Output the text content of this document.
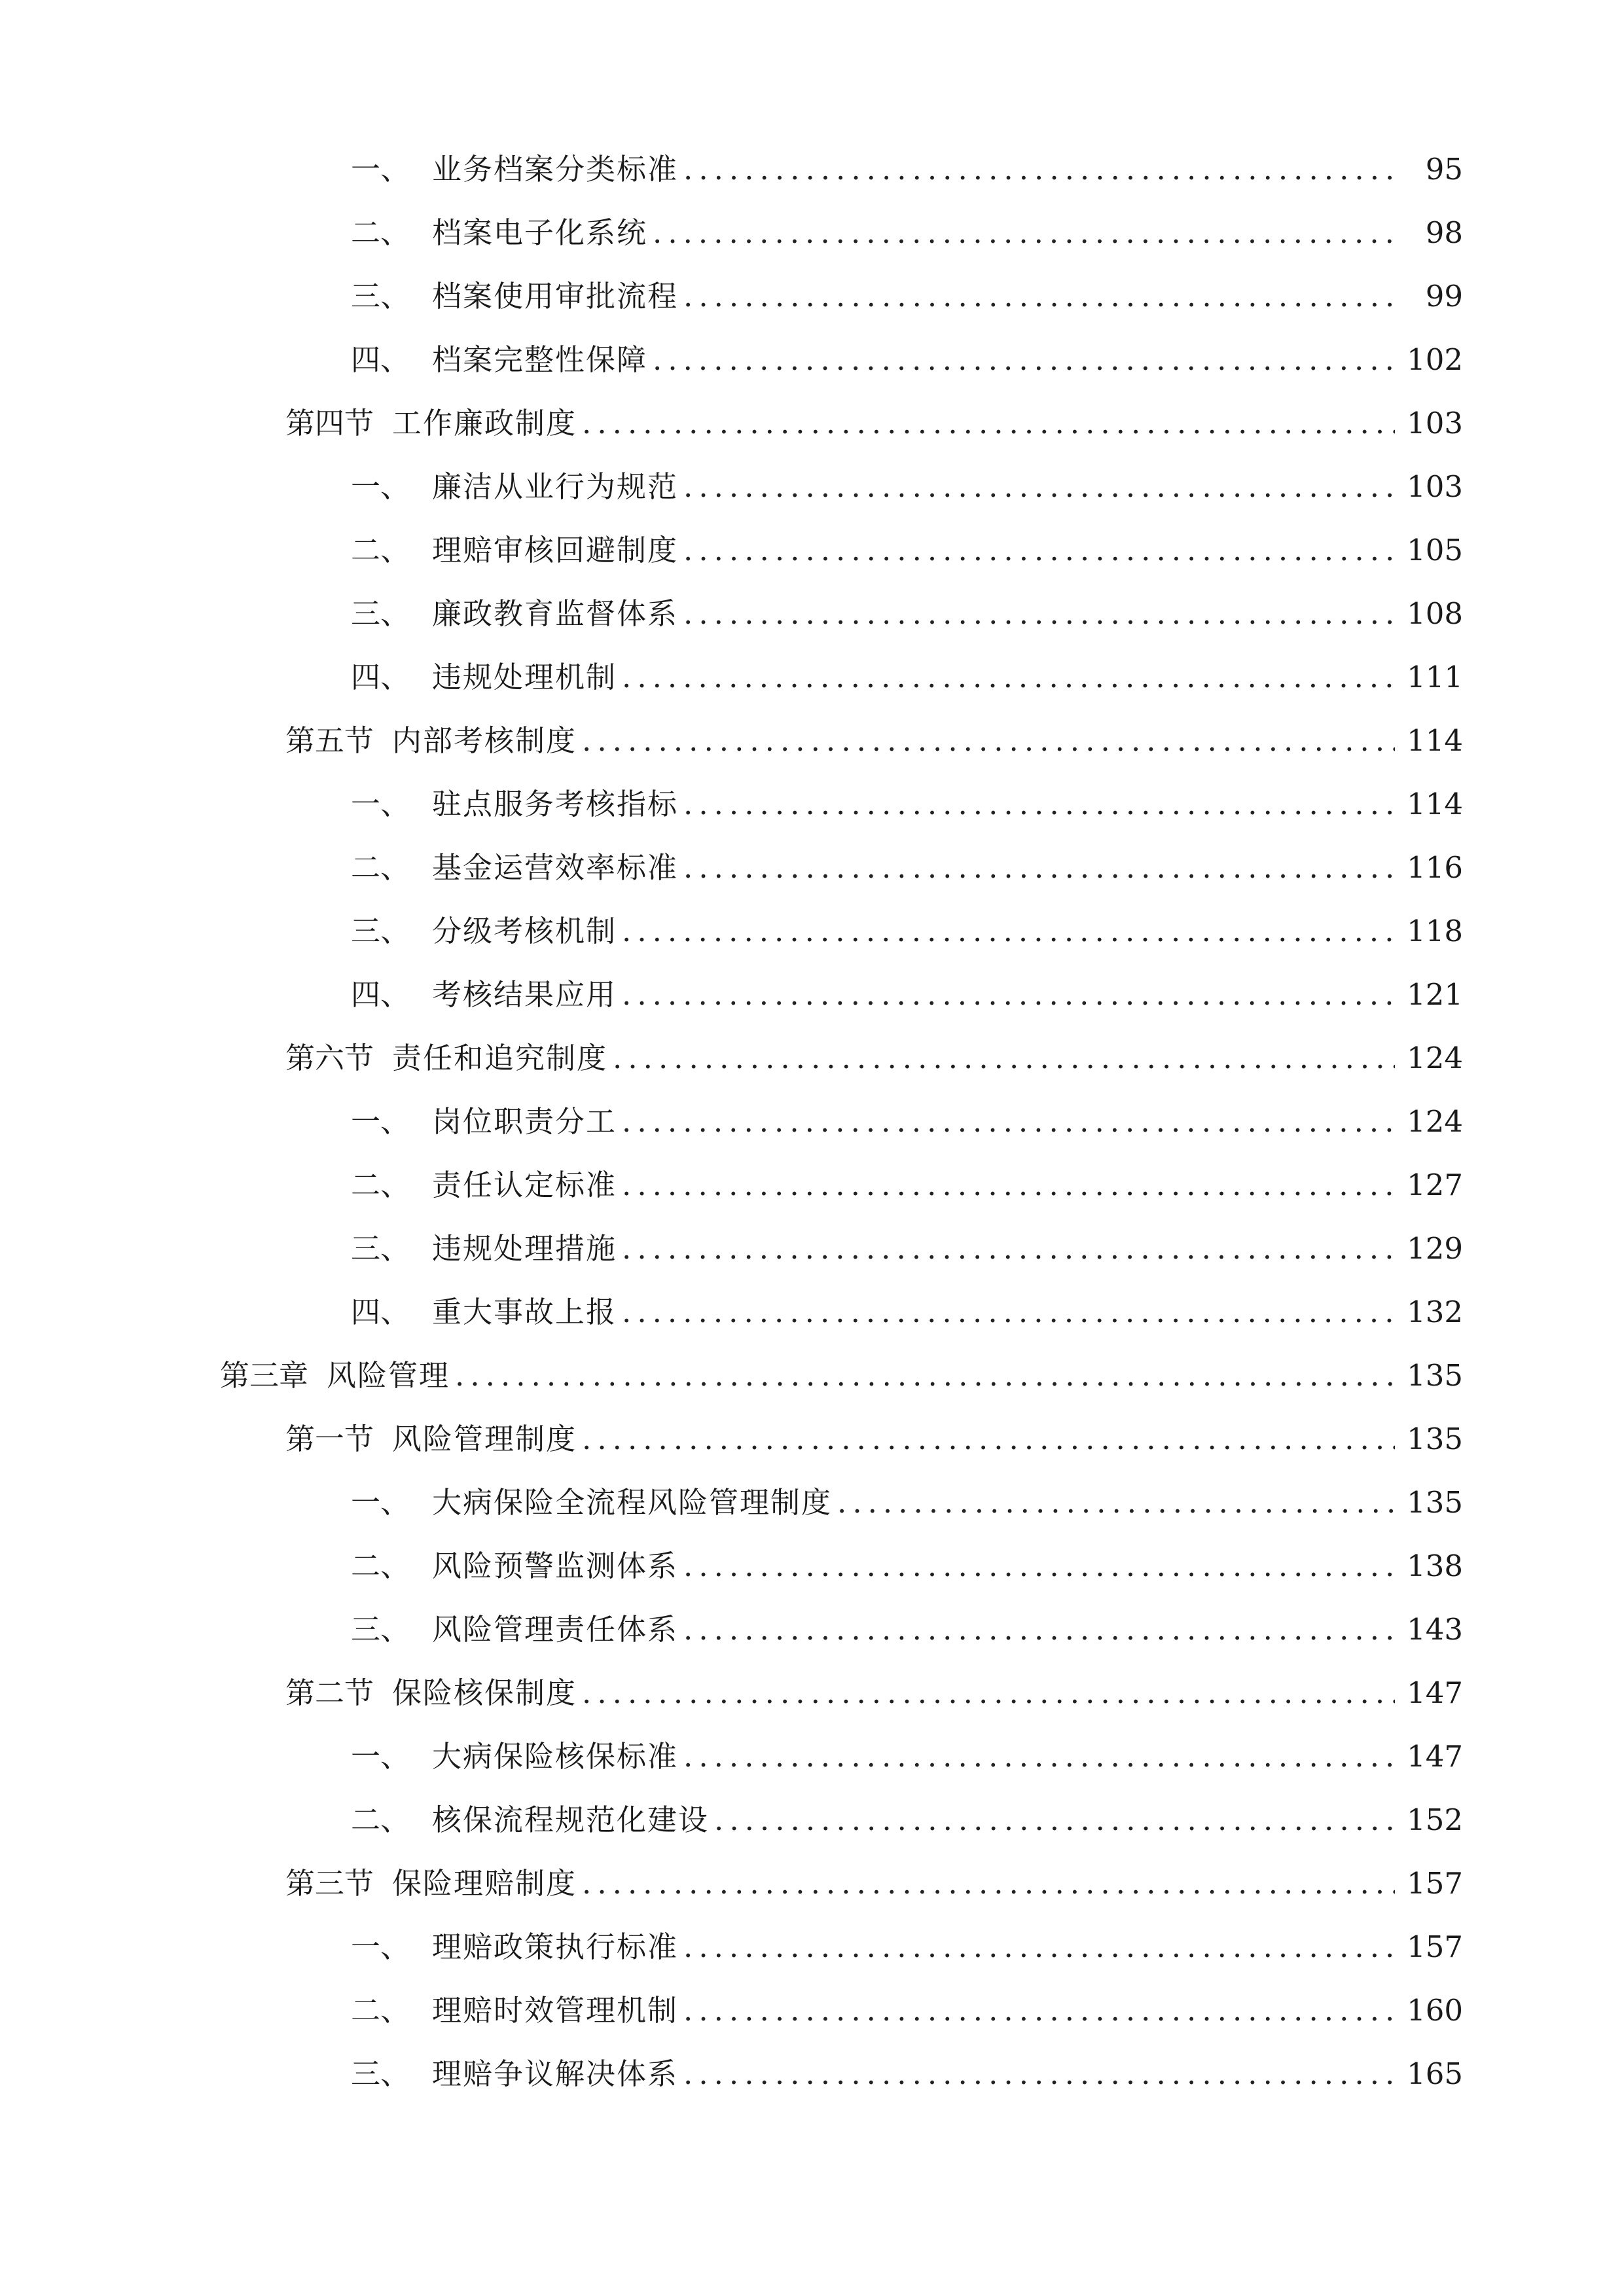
一、 业务档案分类标准 .....	95
二、 档案电子化系统 .....	98
三、 档案使用审批流程 .....	99
四、 档案完整性保障 .....	102
第四节 工作廉政制度 .....	103
一、 廉洁从业行为规范 .....	103
二、 理赔审核回避制度 .....	105
三、 廉政教育监督体系 .....	108
四、 违规处理机制 .....	111
第五节 内部考核制度 .....	114
一、 驻点服务考核指标 .....	114
二、 基金运营效率标准 .....	116
三、 分级考核机制 .....	118
四、 考核结果应用 .....	121
第六节 责任和追究制度 .....	124
一、 岗位职责分工 .....	124
二、 责任认定标准 .....	127
三、 违规处理措施 .....	129
四、 重大事故上报 .....	132
第三章 风险管理 .....	135
第一节 风险管理制度 .....	135
一、 大病保险全流程风险管理制度 .....	135
二、 风险预警监测体系 .....	138
三、 风险管理责任体系 .....	143
第二节 保险核保制度 .....	147
一、 大病保险核保标准 .....	147
二、 核保流程规范化建设 .....	152
第三节 保险理赔制度 .....	157
一、 理赔政策执行标准 .....	157
二、 理赔时效管理机制 .....	160
三、 理赔争议解决体系 .....	165
